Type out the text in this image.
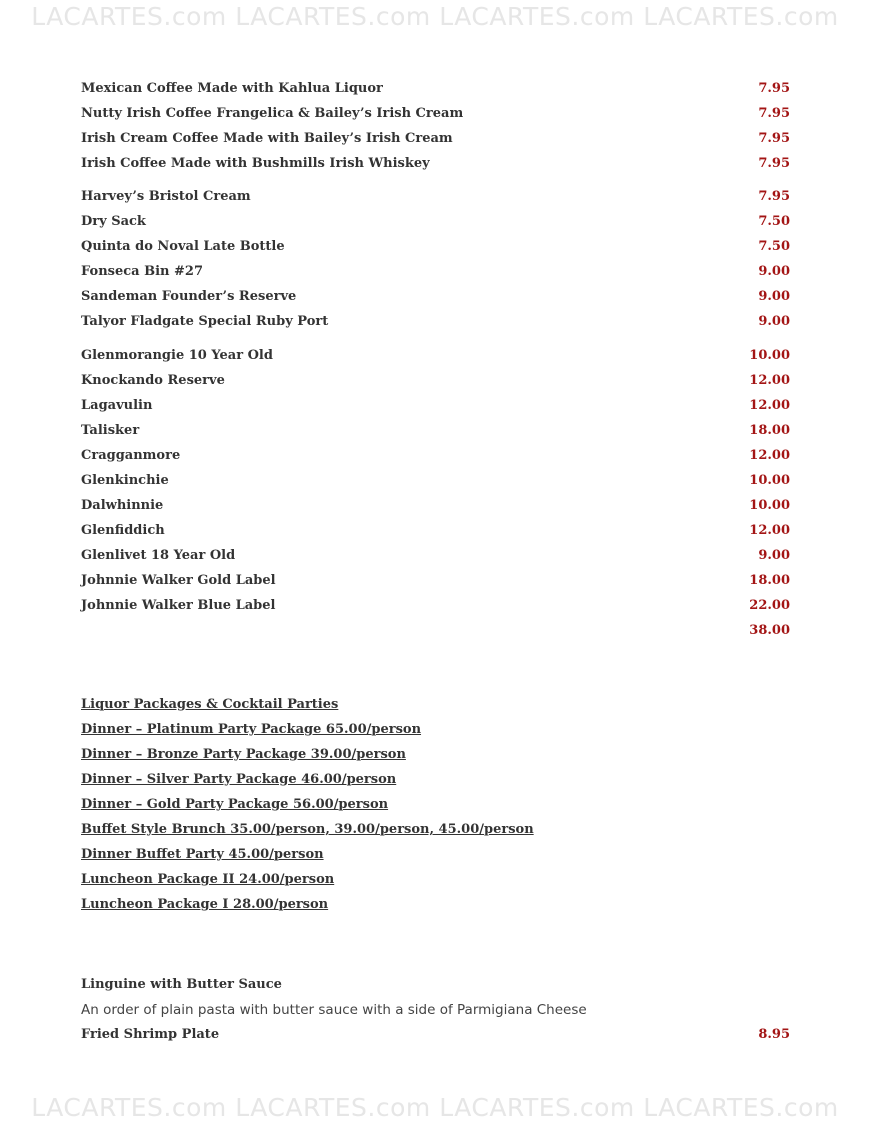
LACARTES.com LACARTES.com LACARTES.com LACARTES.com
Mexican Coffee Made with Kahlua Liquor	7.95
Nutty Irish Coffee Frangelica & Bailey’s Irish Cream	7.95
Irish Cream Coffee Made with Bailey’s Irish Cream	7.95
Irish Coffee Made with Bushmills Irish Whiskey	7.95
Harvey’s Bristol Cream	7.95
Dry Sack	7.50
Quinta do Noval Late Bottle	7.50
Fonseca Bin #27	9.00
Sandeman Founder’s Reserve	9.00
Talyor Fladgate Special Ruby Port	9.00
Glenmorangie 10 Year Old	10.00
Knockando Reserve	12.00
Lagavulin	12.00
Talisker	18.00
Cragganmore	12.00
Glenkinchie	10.00
Dalwhinnie	10.00
Glenfiddich	12.00
Glenlivet 18 Year Old	9.00
Johnnie Walker Gold Label	18.00
Johnnie Walker Blue Label	22.00
38.00
Liquor Packages & Cocktail Parties
Dinner – Platinum Party Package 65.00/person
Dinner – Bronze Party Package 39.00/person
Dinner – Silver Party Package 46.00/person
Dinner – Gold Party Package 56.00/person
Buffet Style Brunch 35.00/person, 39.00/person, 45.00/person
Dinner Buffet Party 45.00/person
Luncheon Package II 24.00/person
Luncheon Package I 28.00/person
Linguine with Butter Sauce
An order of plain pasta with butter sauce with a side of Parmigiana Cheese
Fried Shrimp Plate	8.95
LACARTES.com LACARTES.com LACARTES.com LACARTES.com
